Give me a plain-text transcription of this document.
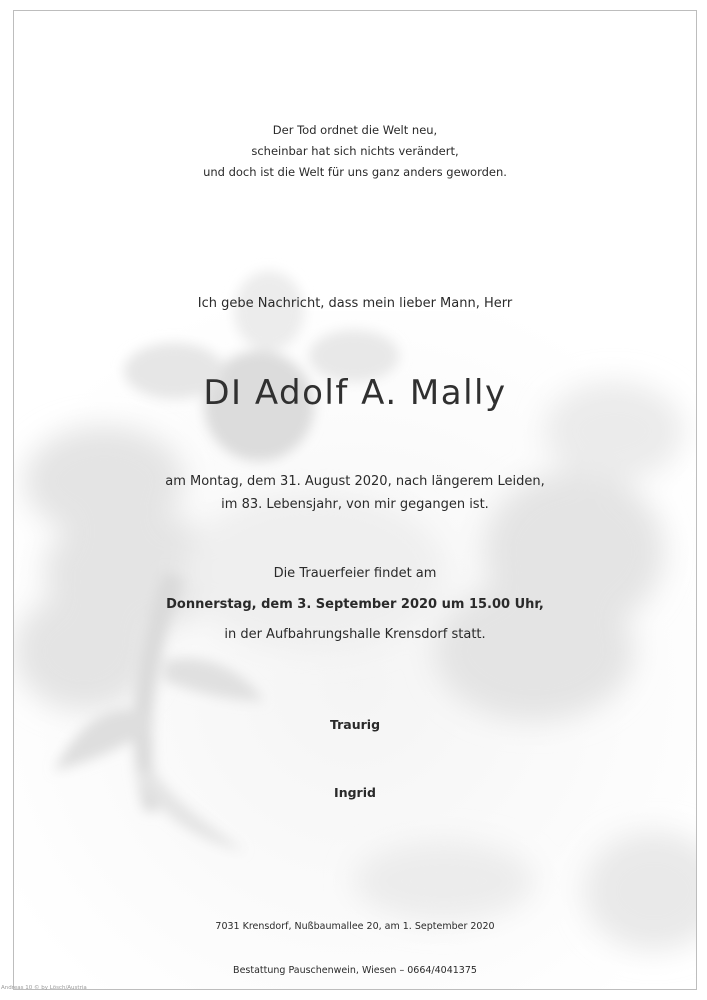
Der Tod ordnet die Welt neu,
scheinbar hat sich nichts verändert,
und doch ist die Welt für uns ganz anders geworden.
Ich gebe Nachricht, dass mein lieber Mann, Herr
DI Adolf A. Mally
am Montag, dem 31. August 2020, nach längerem Leiden,
im 83. Lebensjahr, von mir gegangen ist.
Die Trauerfeier findet am
Donnerstag, dem 3. September 2020 um 15.00 Uhr,
in der Aufbahrungshalle Krensdorf statt.
Traurig
Ingrid
7031 Krensdorf, Nußbaumallee 20, am 1. September 2020
Bestattung Pauschenwein, Wiesen – 0664/4041375
Andreas 10 © by Lösch/Austria
